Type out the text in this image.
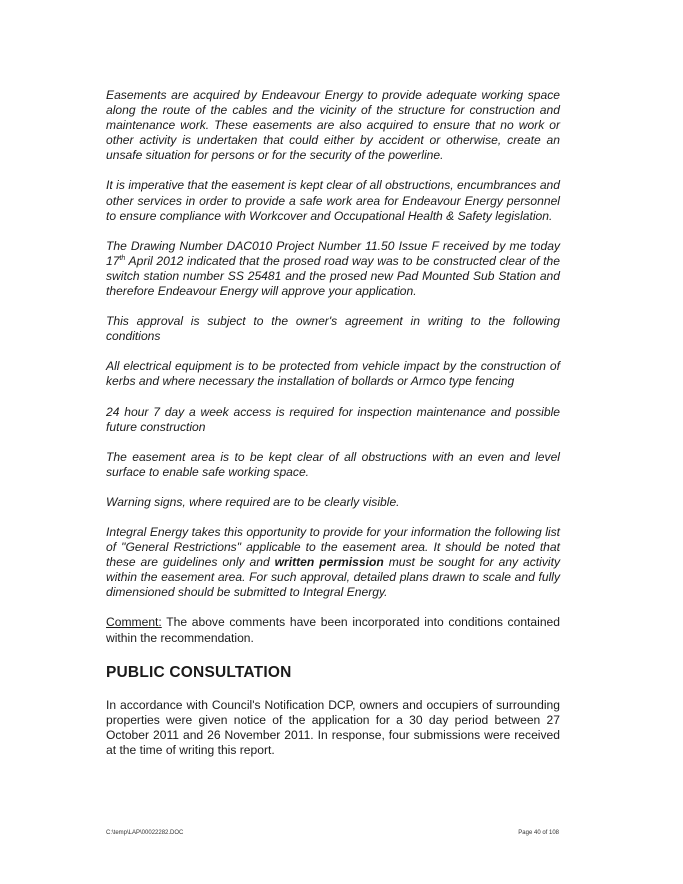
Easements are acquired by Endeavour Energy to provide adequate working space along the route of the cables and the vicinity of the structure for construction and maintenance work. These easements are also acquired to ensure that no work or other activity is undertaken that could either by accident or otherwise, create an unsafe situation for persons or for the security of the powerline.

It is imperative that the easement is kept clear of all obstructions, encumbrances and other services in order to provide a safe work area for Endeavour Energy personnel to ensure compliance with Workcover and Occupational Health & Safety legislation.

The Drawing Number DAC010 Project Number 11.50 Issue F received by me today 17th April 2012 indicated that the prosed road way was to be constructed clear of the switch station number SS 25481 and the prosed new Pad Mounted Sub Station and therefore Endeavour Energy will approve your application.

This approval is subject to the owner's agreement in writing to the following conditions

All electrical equipment is to be protected from vehicle impact by the construction of kerbs and where necessary the installation of bollards or Armco type fencing

24 hour 7 day a week access is required for inspection maintenance and possible future construction

The easement area is to be kept clear of all obstructions with an even and level surface to enable safe working space.

Warning signs, where required are to be clearly visible.

Integral Energy takes this opportunity to provide for your information the following list of "General Restrictions" applicable to the easement area. It should be noted that these are guidelines only and written permission must be sought for any activity within the easement area. For such approval, detailed plans drawn to scale and fully dimensioned should be submitted to Integral Energy.

Comment: The above comments have been incorporated into conditions contained within the recommendation.

PUBLIC CONSULTATION

In accordance with Council's Notification DCP, owners and occupiers of surrounding properties were given notice of the application for a 30 day period between 27 October 2011 and 26 November 2011. In response, four submissions were received at the time of writing this report.

C:\temp\LAP\00022282.DOC	Page 40 of 108
